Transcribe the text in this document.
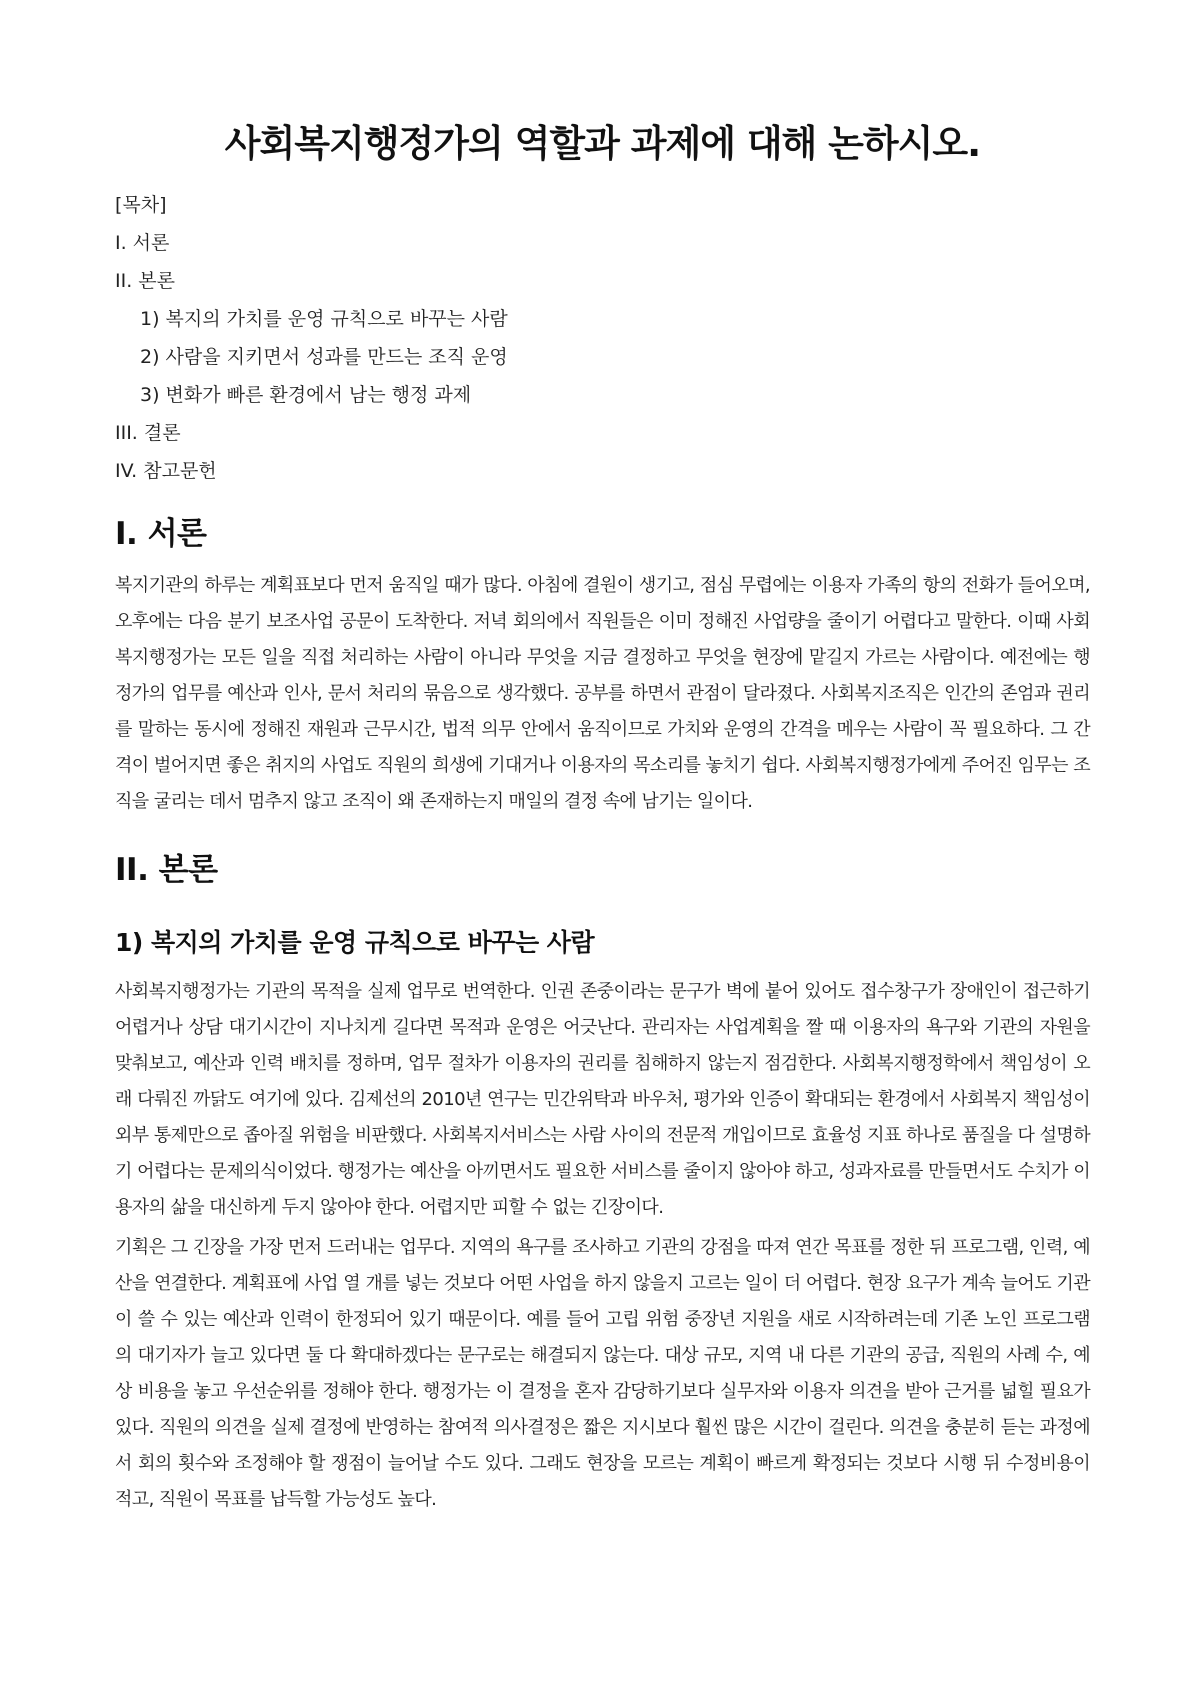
사회복지행정가의 역할과 과제에 대해 논하시오.
[목차]
I. 서론
II. 본론
1) 복지의 가치를 운영 규칙으로 바꾸는 사람
2) 사람을 지키면서 성과를 만드는 조직 운영
3) 변화가 빠른 환경에서 남는 행정 과제
III. 결론
IV. 참고문헌
I. 서론

복지기관의 하루는 계획표보다 먼저 움직일 때가 많다. 아침에 결원이 생기고, 점심 무렵에는 이용자 가족의 항의 전화가 들어오며, 오후에는 다음 분기 보조사업 공문이 도착한다. 저녁 회의에서 직원들은 이미 정해진 사업량을 줄이기 어렵다고 말한다. 이때 사회복지행정가는 모든 일을 직접 처리하는 사람이 아니라 무엇을 지금 결정하고 무엇을 현장에 맡길지 가르는 사람이다. 예전에는 행정가의 업무를 예산과 인사, 문서 처리의 묶음으로 생각했다. 공부를 하면서 관점이 달라졌다. 사회복지조직은 인간의 존엄과 권리를 말하는 동시에 정해진 재원과 근무시간, 법적 의무 안에서 움직이므로 가치와 운영의 간격을 메우는 사람이 꼭 필요하다. 그 간격이 벌어지면 좋은 취지의 사업도 직원의 희생에 기대거나 이용자의 목소리를 놓치기 쉽다. 사회복지행정가에게 주어진 임무는 조직을 굴리는 데서 멈추지 않고 조직이 왜 존재하는지 매일의 결정 속에 남기는 일이다.

II. 본론
1) 복지의 가치를 운영 규칙으로 바꾸는 사람

사회복지행정가는 기관의 목적을 실제 업무로 번역한다. 인권 존중이라는 문구가 벽에 붙어 있어도 접수창구가 장애인이 접근하기 어렵거나 상담 대기시간이 지나치게 길다면 목적과 운영은 어긋난다. 관리자는 사업계획을 짤 때 이용자의 욕구와 기관의 자원을 맞춰보고, 예산과 인력 배치를 정하며, 업무 절차가 이용자의 권리를 침해하지 않는지 점검한다. 사회복지행정학에서 책임성이 오래 다뤄진 까닭도 여기에 있다. 김제선의 2010년 연구는 민간위탁과 바우처, 평가와 인증이 확대되는 환경에서 사회복지 책임성이 외부 통제만으로 좁아질 위험을 비판했다. 사회복지서비스는 사람 사이의 전문적 개입이므로 효율성 지표 하나로 품질을 다 설명하기 어렵다는 문제의식이었다. 행정가는 예산을 아끼면서도 필요한 서비스를 줄이지 않아야 하고, 성과자료를 만들면서도 수치가 이용자의 삶을 대신하게 두지 않아야 한다. 어렵지만 피할 수 없는 긴장이다.

기획은 그 긴장을 가장 먼저 드러내는 업무다. 지역의 욕구를 조사하고 기관의 강점을 따져 연간 목표를 정한 뒤 프로그램, 인력, 예산을 연결한다. 계획표에 사업 열 개를 넣는 것보다 어떤 사업을 하지 않을지 고르는 일이 더 어렵다. 현장 요구가 계속 늘어도 기관이 쓸 수 있는 예산과 인력이 한정되어 있기 때문이다. 예를 들어 고립 위험 중장년 지원을 새로 시작하려는데 기존 노인 프로그램의 대기자가 늘고 있다면 둘 다 확대하겠다는 문구로는 해결되지 않는다. 대상 규모, 지역 내 다른 기관의 공급, 직원의 사례 수, 예상 비용을 놓고 우선순위를 정해야 한다. 행정가는 이 결정을 혼자 감당하기보다 실무자와 이용자 의견을 받아 근거를 넓힐 필요가 있다. 직원의 의견을 실제 결정에 반영하는 참여적 의사결정은 짧은 지시보다 훨씬 많은 시간이 걸린다. 의견을 충분히 듣는 과정에서 회의 횟수와 조정해야 할 쟁점이 늘어날 수도 있다. 그래도 현장을 모르는 계획이 빠르게 확정되는 것보다 시행 뒤 수정비용이 적고, 직원이 목표를 납득할 가능성도 높다.
